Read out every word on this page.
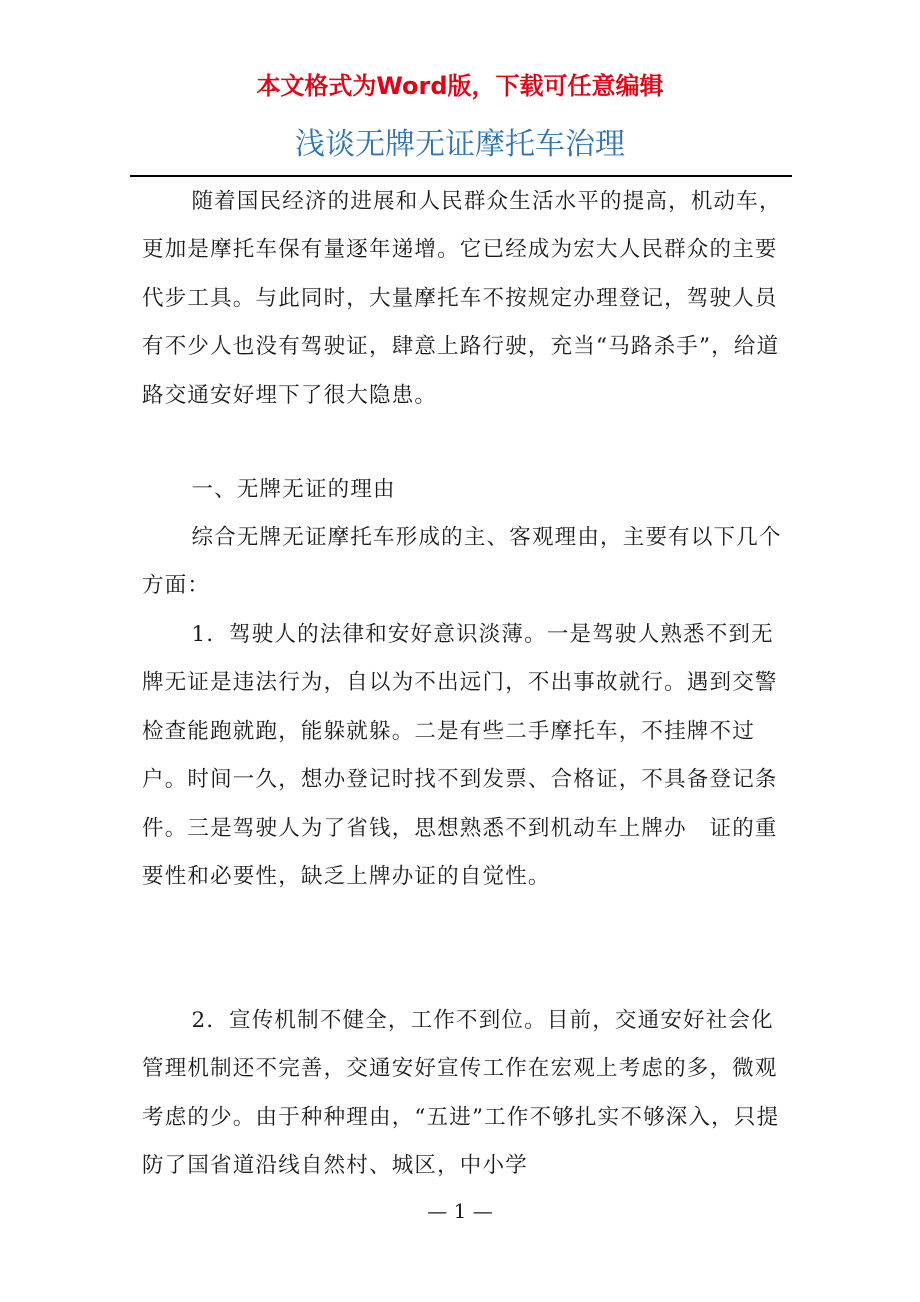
本文格式为Word版，下载可任意编辑
浅谈无牌无证摩托车治理

随着国民经济的进展和人民群众生活水平的提高，机动车，更加是摩托车保有量逐年递增。它已经成为宏大人民群众的主要代步工具。与此同时，大量摩托车不按规定办理登记，驾驶人员有不少人也没有驾驶证，肆意上路行驶，充当“马路杀手”，给道路交通安好埋下了很大隐患。

一、无牌无证的理由

综合无牌无证摩托车形成的主、客观理由，主要有以下几个方面：

1．驾驶人的法律和安好意识淡薄。一是驾驶人熟悉不到无牌无证是违法行为，自以为不出远门，不出事故就行。遇到交警检查能跑就跑，能躲就躲。二是有些二手摩托车，不挂牌不过户。时间一久，想办登记时找不到发票、合格证，不具备登记条件。三是驾驶人为了省钱，思想熟悉不到机动车上牌办　证的重要性和必要性，缺乏上牌办证的自觉性。

2．宣传机制不健全，工作不到位。目前，交通安好社会化管理机制还不完善，交通安好宣传工作在宏观上考虑的多，微观考虑的少。由于种种理由，“五进”工作不够扎实不够深入，只提防了国省道沿线自然村、城区，中小学

— 1 —
